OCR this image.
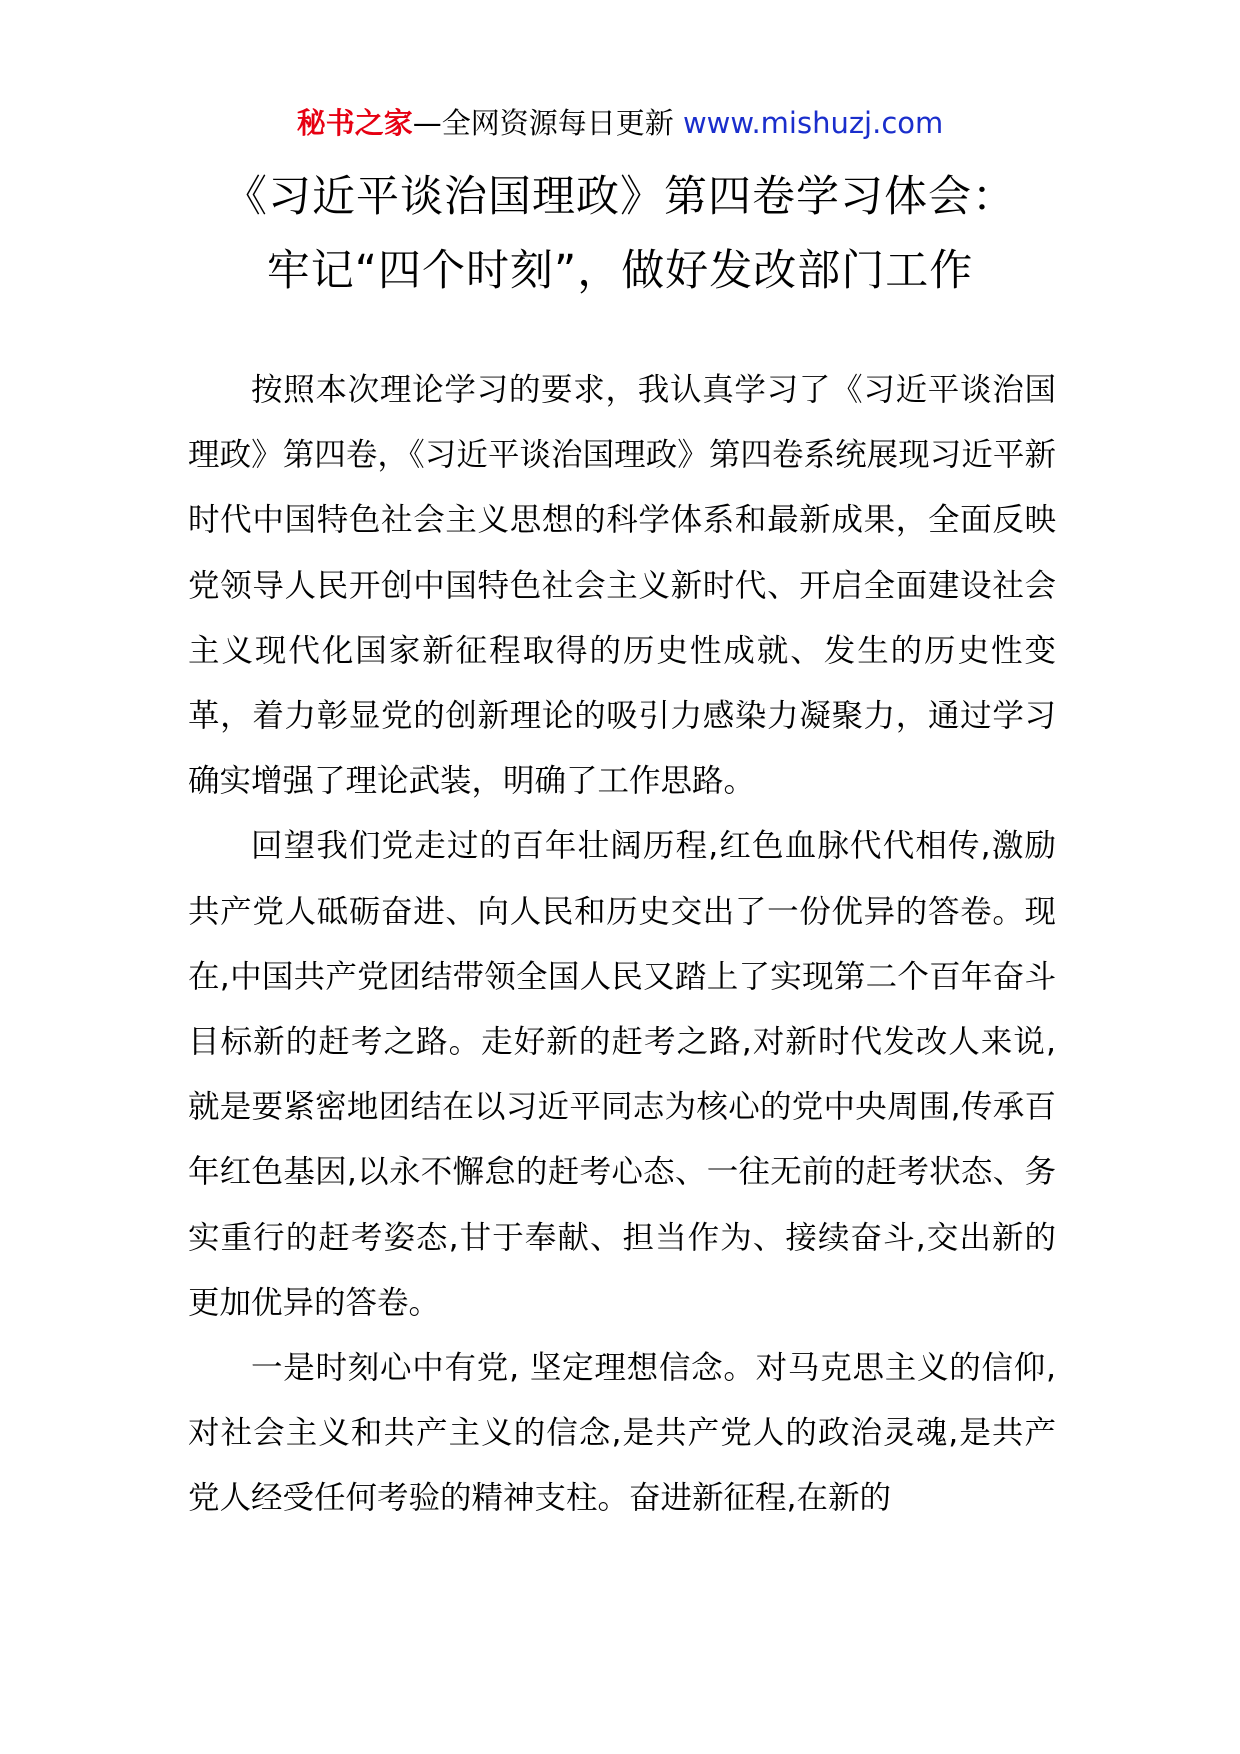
秘书之家—全网资源每日更新 www.mishuzj.com
《习近平谈治国理政》第四卷学习体会：
牢记“四个时刻”，做好发改部门工作

按照本次理论学习的要求，我认真学习了《习近平谈治国理政》第四卷，《习近平谈治国理政》第四卷系统展现习近平新时代中国特色社会主义思想的科学体系和最新成果，全面反映党领导人民开创中国特色社会主义新时代、开启全面建设社会主义现代化国家新征程取得的历史性成就、发生的历史性变革，着力彰显党的创新理论的吸引力感染力凝聚力，通过学习确实增强了理论武装，明确了工作思路。

回望我们党走过的百年壮阔历程,红色血脉代代相传,激励共产党人砥砺奋进、向人民和历史交出了一份优异的答卷。现在,中国共产党团结带领全国人民又踏上了实现第二个百年奋斗目标新的赶考之路。走好新的赶考之路,对新时代发改人来说,就是要紧密地团结在以习近平同志为核心的党中央周围,传承百年红色基因,以永不懈怠的赶考心态、一往无前的赶考状态、务实重行的赶考姿态,甘于奉献、担当作为、接续奋斗,交出新的更加优异的答卷。

一是时刻心中有党, 坚定理想信念。对马克思主义的信仰,对社会主义和共产主义的信念,是共产党人的政治灵魂,是共产党人经受任何考验的精神支柱。奋进新征程,在新的
